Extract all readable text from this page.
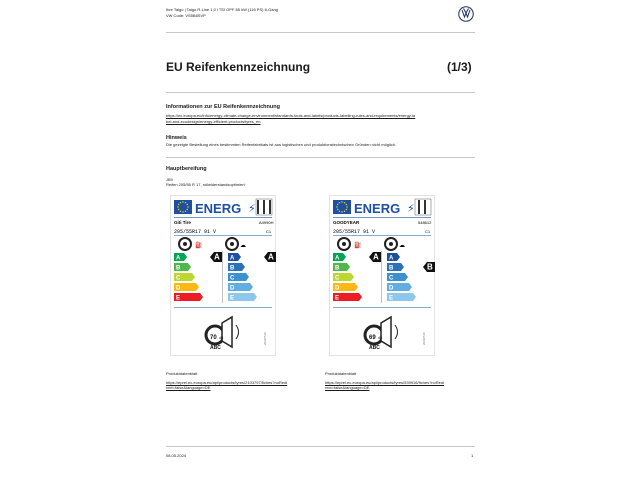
Ihre Taigo | Taigo R-Line 1,0 l TSI OPF 85 kW (116 PS) 6-Gang
VW Code: VS5B8SVP
EU Reifenkennzeichnung	(1/3)
Informationen zur EU Reifenkennzeichnung
https://ec.europa.eu/info/energy-climate-change-environment/standards-tools-and-labels/products-labelling-rules-and-requirements/energy-la
bel-and-ecodesign/energy-efficient-products/tyres_en
Hinweis
Die gezeigte Bestellung eines bestimmten Reifenfabrikats ist aus logistischen und produktionstechnischen Gründen nicht möglich.
Hauptbereifung
JBV
Reifen 205/55 R 17, rollwiderstandsoptimiert
ENERG ⚡
Giti Tire	A4990H
205/55R17 91 V	C1
⛽	☁
A	A
B	B
C	C
D	D
E	E
A	A
70 dB
ABC
2020/740
Produktdatenblatt
https://eprel.ec.europa.eu/api/products/tyres/2103797/fiches?noRedi
rect=false&language=DE
ENERG ⚡
GOODYEAR	548612
205/55R17 91 V	C1
⛽	☁
A	A
B	B
C	C
D	D
E	E
A
B
69 dB
ABC
2020/740
Produktdatenblatt
https://eprel.ec.europa.eu/api/products/tyres/539916/fiches?noRedi
rect=false&language=DE
08.05.2024	1
